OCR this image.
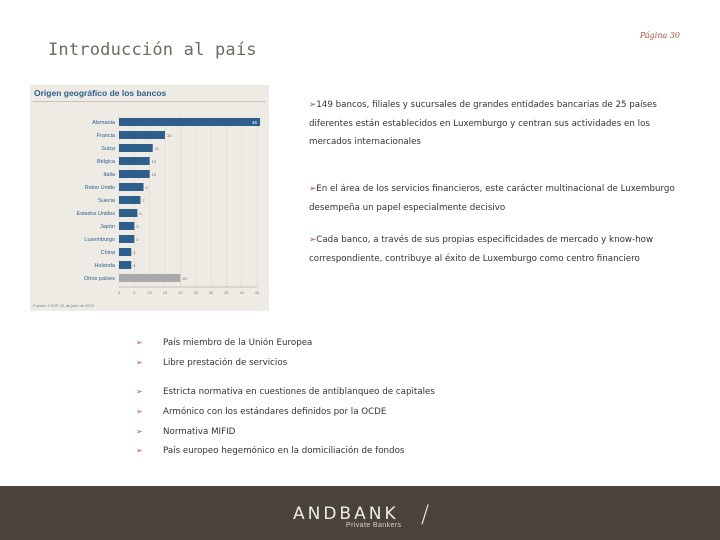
Página 30
Introducción al país
Origen geográfico de los bancos
Alemania	46
Francia	15
Suiza	11
Bélgica	10
Italia	10
Reino Unido	8
Suecia	7
Estados Unidos	6
Japón	5
Luxemburgo	5
China	4
Holanda	4
Otros países	20
0	5	10	15	20	25	30	35	40	45
Fuente: CSSF, 31 de julio de 2010
➢149 bancos, filiales y sucursales de grandes entidades bancarias de 25 países diferentes están establecidos en Luxemburgo y centran sus actividades en los mercados internacionales
➢En el área de los servicios financieros, este carácter multinacional de Luxemburgo desempeña un papel especialmente decisivo
➢Cada banco, a través de sus propias especificidades de mercado y know-how correspondiente, contribuye al éxito de Luxemburgo como centro financiero
➢ País miembro de la Unión Europea
➢ Libre prestación de servicios
➢ Estricta normativa en cuestiones de antiblanqueo de capitales
➢ Armónico con los estándares definidos por la OCDE
➢ Normativa MIFID
➢ País europeo hegemónico en la domiciliación de fondos
ANDBANK
Private Bankers /
